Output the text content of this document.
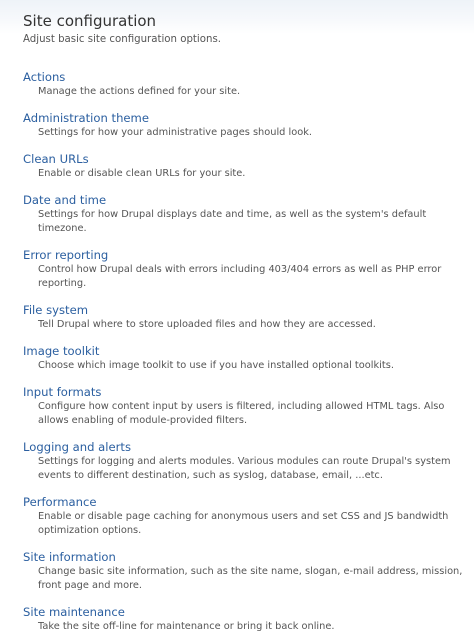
Site configuration
Adjust basic site configuration options.
Actions
Manage the actions defined for your site.
Administration theme
Settings for how your administrative pages should look.
Clean URLs
Enable or disable clean URLs for your site.
Date and time
Settings for how Drupal displays date and time, as well as the system's default timezone.
Error reporting
Control how Drupal deals with errors including 403/404 errors as well as PHP error reporting.
File system
Tell Drupal where to store uploaded files and how they are accessed.
Image toolkit
Choose which image toolkit to use if you have installed optional toolkits.
Input formats
Configure how content input by users is filtered, including allowed HTML tags. Also allows enabling of module-provided filters.
Logging and alerts
Settings for logging and alerts modules. Various modules can route Drupal's system events to different destination, such as syslog, database, email, ...etc.
Performance
Enable or disable page caching for anonymous users and set CSS and JS bandwidth optimization options.
Site information
Change basic site information, such as the site name, slogan, e-mail address, mission, front page and more.
Site maintenance
Take the site off-line for maintenance or bring it back online.
